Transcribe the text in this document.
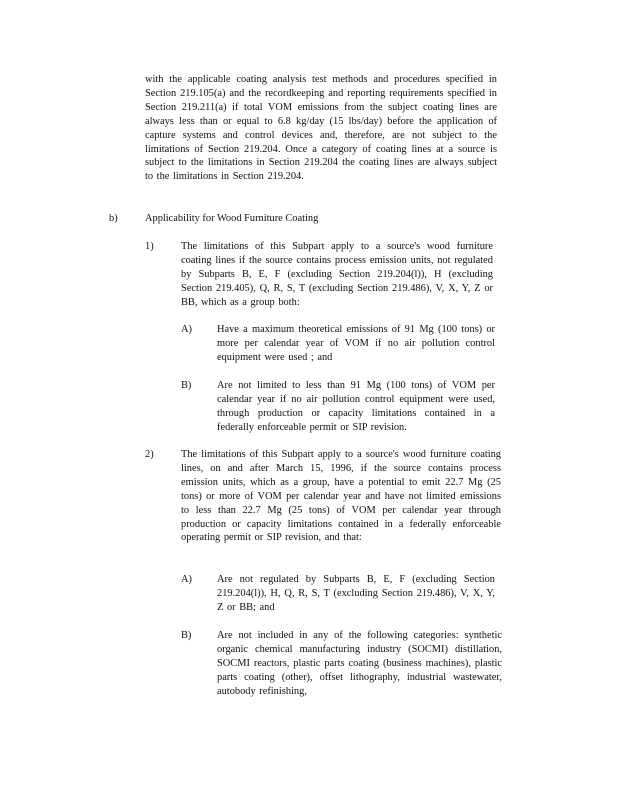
with the applicable coating analysis test methods and procedures specified in Section 219.105(a) and the recordkeeping and reporting requirements specified in Section 219.211(a) if total VOM emissions from the subject coating lines are always less than or equal to 6.8 kg/day (15 lbs/day) before the application of capture systems and control devices and, therefore, are not subject to the limitations of Section 219.204. Once a category of coating lines at a source is subject to the limitations in Section 219.204 the coating lines are always subject to the limitations in Section 219.204.
b)	Applicability for Wood Furniture Coating
1)	The limitations of this Subpart apply to a source's wood furniture coating lines if the source contains process emission units, not regulated by Subparts B, E, F (excluding Section 219.204(l)), H (excluding Section 219.405), Q, R, S, T (excluding Section 219.486), V, X, Y, Z or BB, which as a group both:
A) Have a maximum theoretical emissions of 91 Mg (100 tons) or more per calendar year of VOM if no air pollution control equipment were used ; and
B) Are not limited to less than 91 Mg (100 tons) of VOM per calendar year if no air pollution control equipment were used, through production or capacity limitations contained in a federally enforceable permit or SIP revision.
2)	The limitations of this Subpart apply to a source's wood furniture coating lines, on and after March 15, 1996, if the source contains process emission units, which as a group, have a potential to emit 22.7 Mg (25 tons) or more of VOM per calendar year and have not limited emissions to less than 22.7 Mg (25 tons) of VOM per calendar year through production or capacity limitations contained in a federally enforceable operating permit or SIP revision, and that:
A) Are not regulated by Subparts B, E, F (excluding Section 219.204(l)), H, Q, R, S, T (excluding Section 219.486), V, X, Y, Z or BB; and
B) Are not included in any of the following categories: synthetic organic chemical manufacturing industry (SOCMI) distillation, SOCMI reactors, plastic parts coating (business machines), plastic parts coating (other), offset lithography, industrial wastewater, autobody refinishing,
